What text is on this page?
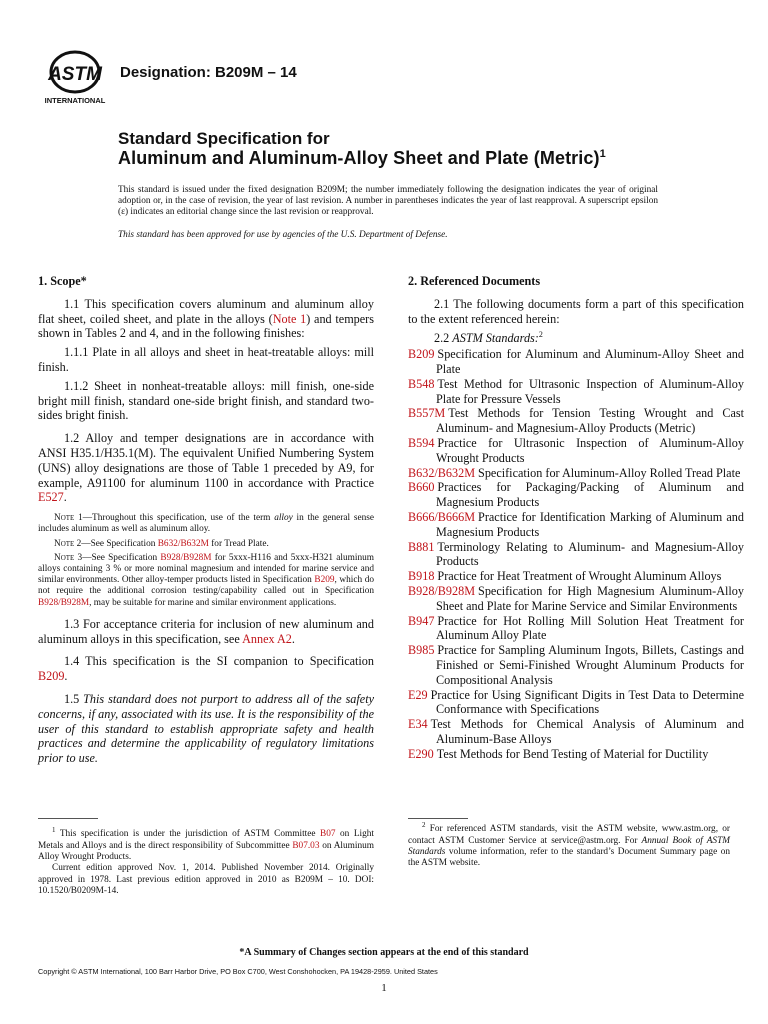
ASTM
INTERNATIONAL
Designation: B209M – 14
Standard Specification for
Aluminum and Aluminum-Alloy Sheet and Plate (Metric)$^1$
This standard is issued under the fixed designation B209M; the number immediately following the designation indicates the year of original adoption or, in the case of revision, the year of last revision. A number in parentheses indicates the year of last reapproval. A superscript epsilon (ε) indicates an editorial change since the last revision or reapproval.
This standard has been approved for use by agencies of the U.S. Department of Defense.
1. Scope*

1.1 This specification covers aluminum and aluminum alloy flat sheet, coiled sheet, and plate in the alloys (Note 1) and tempers shown in Tables 2 and 4, and in the following finishes:

1.1.1 Plate in all alloys and sheet in heat-treatable alloys: mill finish.

1.1.2 Sheet in nonheat-treatable alloys: mill finish, one-side bright mill finish, standard one-side bright finish, and standard two-sides bright finish.

1.2 Alloy and temper designations are in accordance with ANSI H35.1/H35.1(M). The equivalent Unified Numbering System (UNS) alloy designations are those of Table 1 preceded by A9, for example, A91100 for aluminum 1100 in accordance with Practice E527.

Note 1—Throughout this specification, use of the term alloy in the general sense includes aluminum as well as aluminum alloy.

Note 2—See Specification B632/B632M for Tread Plate.

Note 3—See Specification B928/B928M for 5xxx-H116 and 5xxx-H321 aluminum alloys containing 3 % or more nominal magnesium and intended for marine service and similar environments. Other alloy-temper products listed in Specification B209, which do not require the additional corrosion testing/capability called out in Specification B928/B928M, may be suitable for marine and similar environment applications.

1.3 For acceptance criteria for inclusion of new aluminum and aluminum alloys in this specification, see Annex A2.

1.4 This specification is the SI companion to Specification B209.

1.5 This standard does not purport to address all of the safety concerns, if any, associated with its use. It is the responsibility of the user of this standard to establish appropriate safety and health practices and determine the applicability of regulatory limitations prior to use.

2. Referenced Documents

2.1 The following documents form a part of this specification to the extent referenced herein:

2.2 ASTM Standards:$^2$

B209 Specification for Aluminum and Aluminum-Alloy Sheet and Plate

B548 Test Method for Ultrasonic Inspection of Aluminum-Alloy Plate for Pressure Vessels

B557M Test Methods for Tension Testing Wrought and Cast Aluminum- and Magnesium-Alloy Products (Metric)

B594 Practice for Ultrasonic Inspection of Aluminum-Alloy Wrought Products

B632/B632M Specification for Aluminum-Alloy Rolled Tread Plate

B660 Practices for Packaging/Packing of Aluminum and Magnesium Products

B666/B666M Practice for Identification Marking of Aluminum and Magnesium Products

B881 Terminology Relating to Aluminum- and Magnesium-Alloy Products

B918 Practice for Heat Treatment of Wrought Aluminum Alloys

B928/B928M Specification for High Magnesium Aluminum-Alloy Sheet and Plate for Marine Service and Similar Environments

B947 Practice for Hot Rolling Mill Solution Heat Treatment for Aluminum Alloy Plate

B985 Practice for Sampling Aluminum Ingots, Billets, Castings and Finished or Semi-Finished Wrought Aluminum Products for Compositional Analysis

E29 Practice for Using Significant Digits in Test Data to Determine Conformance with Specifications

E34 Test Methods for Chemical Analysis of Aluminum and Aluminum-Base Alloys

E290 Test Methods for Bend Testing of Material for Ductility

$^1$ This specification is under the jurisdiction of ASTM Committee B07 on Light Metals and Alloys and is the direct responsibility of Subcommittee B07.03 on Aluminum Alloy Wrought Products.

Current edition approved Nov. 1, 2014. Published November 2014. Originally approved in 1978. Last previous edition approved in 2010 as B209M – 10. DOI: 10.1520/B0209M-14.

$^2$ For referenced ASTM standards, visit the ASTM website, www.astm.org, or contact ASTM Customer Service at service@astm.org. For Annual Book of ASTM Standards volume information, refer to the standard’s Document Summary page on the ASTM website.

*A Summary of Changes section appears at the end of this standard
Copyright © ASTM International, 100 Barr Harbor Drive, PO Box C700, West Conshohocken, PA 19428-2959. United States
1
